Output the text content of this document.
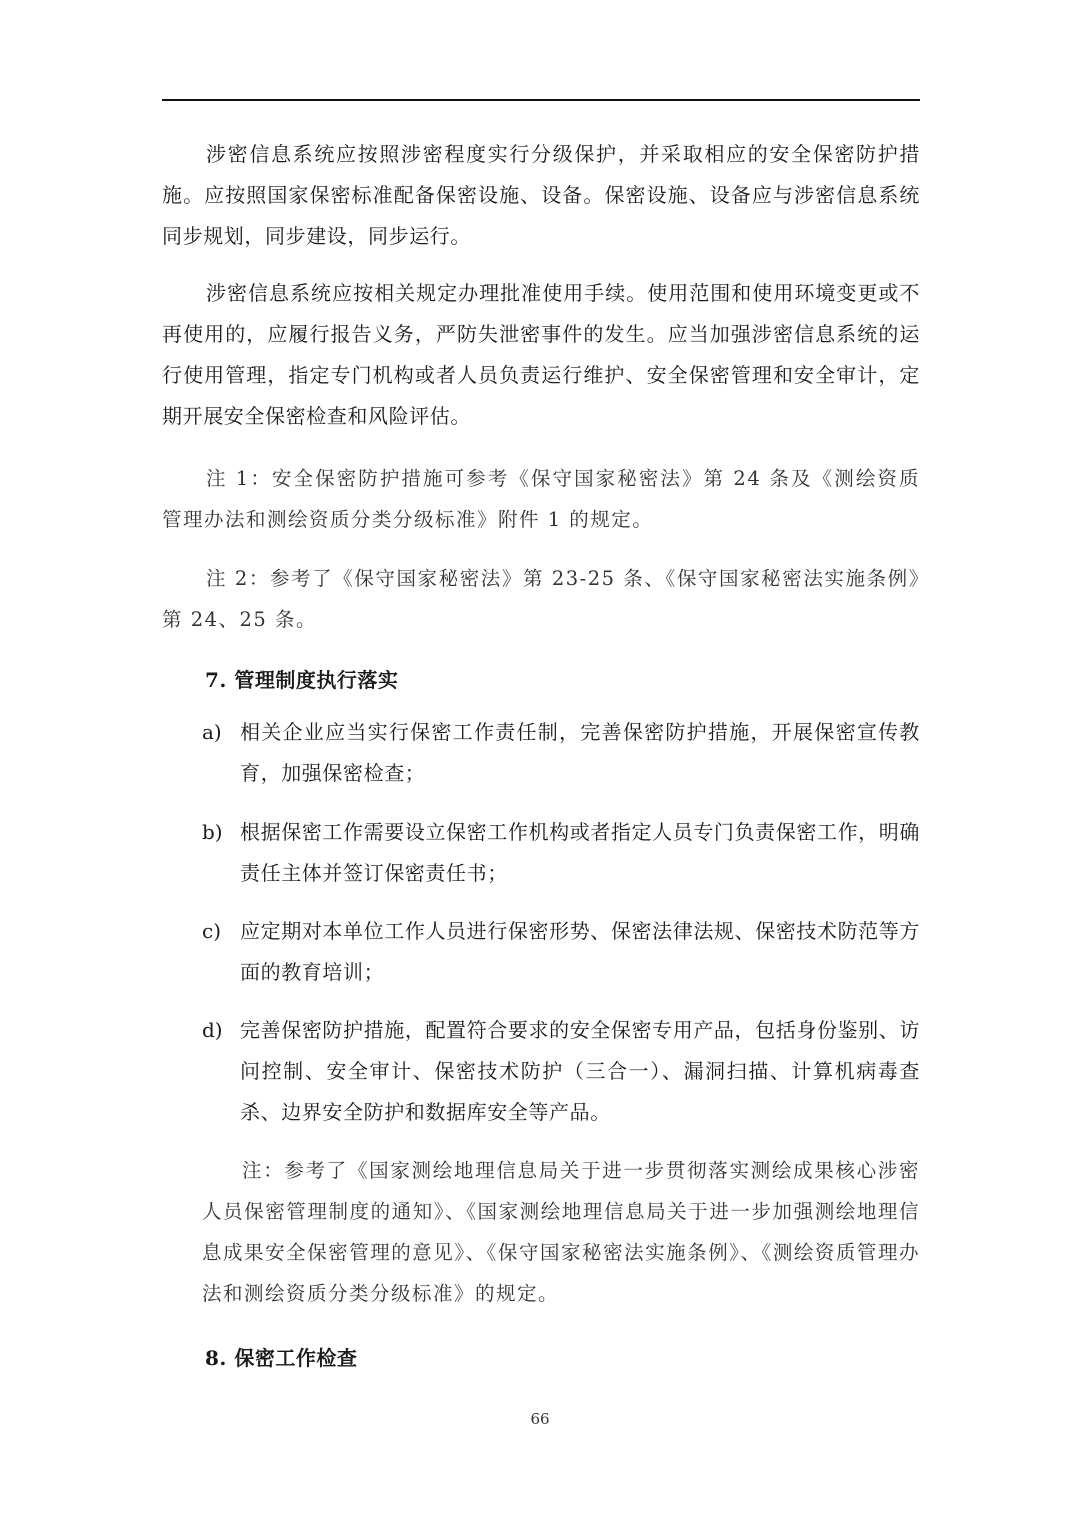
涉密信息系统应按照涉密程度实行分级保护，并采取相应的安全保密防护措施。应按照国家保密标准配备保密设施、设备。保密设施、设备应与涉密信息系统同步规划，同步建设，同步运行。

涉密信息系统应按相关规定办理批准使用手续。使用范围和使用环境变更或不再使用的，应履行报告义务，严防失泄密事件的发生。应当加强涉密信息系统的运行使用管理，指定专门机构或者人员负责运行维护、安全保密管理和安全审计，定期开展安全保密检查和风险评估。

注 1：安全保密防护措施可参考《保守国家秘密法》第 24 条及《测绘资质管理办法和测绘资质分类分级标准》附件 1 的规定。

注 2：参考了《保守国家秘密法》第 23-25 条、《保守国家秘密法实施条例》第 24、25 条。

7. 管理制度执行落实
a) 相关企业应当实行保密工作责任制，完善保密防护措施，开展保密宣传教育，加强保密检查；

b) 根据保密工作需要设立保密工作机构或者指定人员专门负责保密工作，明确责任主体并签订保密责任书；

c) 应定期对本单位工作人员进行保密形势、保密法律法规、保密技术防范等方面的教育培训；

d) 完善保密防护措施，配置符合要求的安全保密专用产品，包括身份鉴别、访问控制、安全审计、保密技术防护（三合一）、漏洞扫描、计算机病毒查杀、边界安全防护和数据库安全等产品。

注：参考了《国家测绘地理信息局关于进一步贯彻落实测绘成果核心涉密人员保密管理制度的通知》、《国家测绘地理信息局关于进一步加强测绘地理信息成果安全保密管理的意见》、《保守国家秘密法实施条例》、《测绘资质管理办法和测绘资质分类分级标准》的规定。

8. 保密工作检查
66
